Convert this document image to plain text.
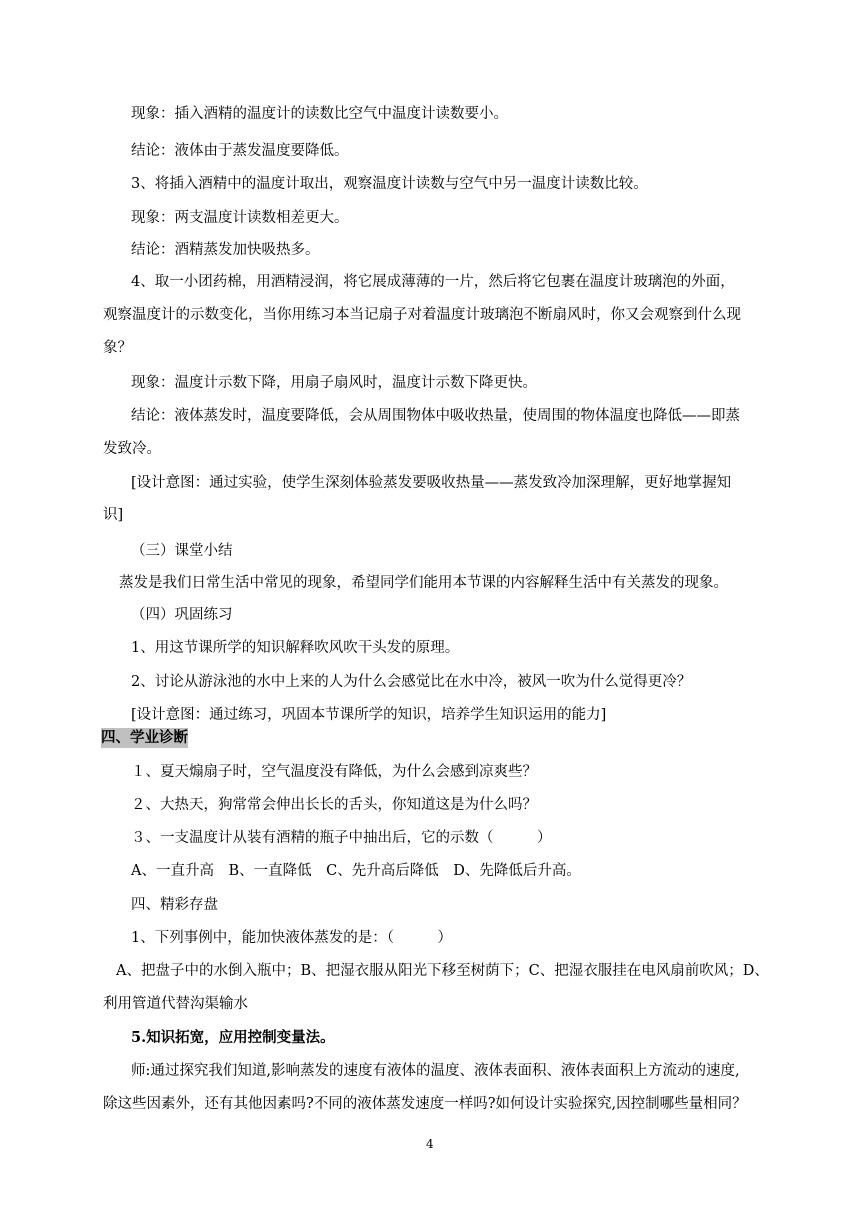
现象：插入酒精的温度计的读数比空气中温度计读数要小。
结论：液体由于蒸发温度要降低。
3、将插入酒精中的温度计取出，观察温度计读数与空气中另一温度计读数比较。
现象：两支温度计读数相差更大。
结论：酒精蒸发加快吸热多。
4、取一小团药棉，用酒精浸润，将它展成薄薄的一片，然后将它包裹在温度计玻璃泡的外面，
观察温度计的示数变化，当你用练习本当记扇子对着温度计玻璃泡不断扇风时，你又会观察到什么现
象？
现象：温度计示数下降，用扇子扇风时，温度计示数下降更快。
结论：液体蒸发时，温度要降低，会从周围物体中吸收热量，使周围的物体温度也降低——即蒸
发致冷。
[设计意图：通过实验，使学生深刻体验蒸发要吸收热量——蒸发致冷加深理解，更好地掌握知
识]
（三）课堂小结
蒸发是我们日常生活中常见的现象，希望同学们能用本节课的内容解释生活中有关蒸发的现象。
（四）巩固练习
1、用这节课所学的知识解释吹风吹干头发的原理。
2、讨论从游泳池的水中上来的人为什么会感觉比在水中冷，被风一吹为什么觉得更冷？
[设计意图：通过练习，巩固本节课所学的知识，培养学生知识运用的能力]
四、学业诊断
１、夏天煽扇子时，空气温度没有降低，为什么会感到凉爽些？
２、大热天，狗常常会伸出长长的舌头，你知道这是为什么吗？
３、一支温度计从装有酒精的瓶子中抽出后，它的示数（　　　）
A、一直升高　B、一直降低　C、先升高后降低　D、先降低后升高。
四、精彩存盘
1、下列事例中，能加快液体蒸发的是：（　　　）
A、把盘子中的水倒入瓶中；B、把湿衣服从阳光下移至树荫下；C、把湿衣服挂在电风扇前吹风；D、
利用管道代替沟渠输水
5.知识拓宽，应用控制变量法。
师:通过探究我们知道,影响蒸发的速度有液体的温度、液体表面积、液体表面积上方流动的速度,
除这些因素外，还有其他因素吗?不同的液体蒸发速度一样吗?如何设计实验探究,因控制哪些量相同？
4
